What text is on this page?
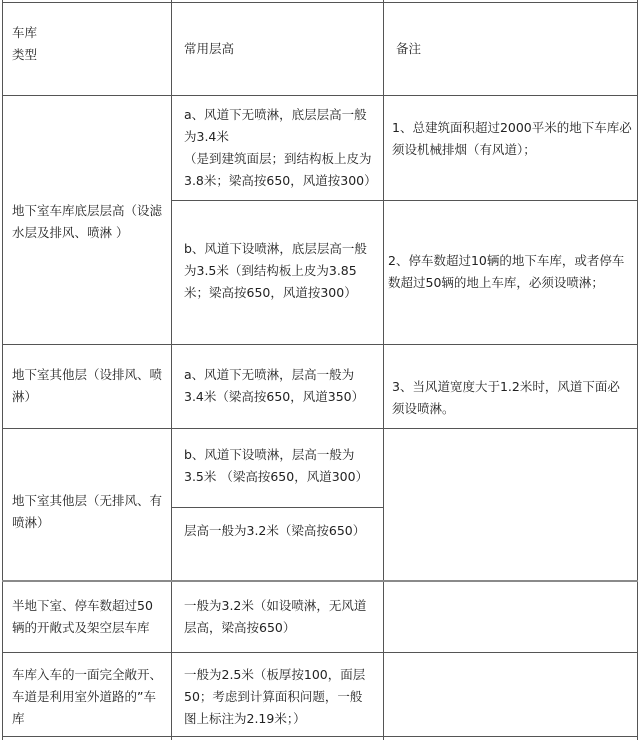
车库
类型	常用层高	备注
地下室车库底层层高（设滤水层及排风、喷淋 ）
a、风道下无喷淋，底层层高一般为3.4米
（是到建筑面层；到结构板上皮为3.8米；梁高按650，风道按300）
b、风道下设喷淋，底层层高一般为3.5米（到结构板上皮为3.85米；梁高按650，风道按300）
1、总建筑面积超过2000平米的地下车库必须设机械排烟（有风道）；
2、停车数超过10辆的地下车库，或者停车数超过50辆的地上车库，必须设喷淋；
地下室其他层（设排风、喷淋）
a、风道下无喷淋，层高一般为3.4米（梁高按650，风道350）
3、当风道宽度大于1.2米时，风道下面必须设喷淋。
地下室其他层（无排风、有喷淋）
b、风道下设喷淋，层高一般为3.5米 （梁高按650，风道300）
层高一般为3.2米（梁高按650）
半地下室、停车数超过50辆的开敞式及架空层车库
一般为3.2米（如设喷淋，无风道层高，梁高按650）
车库入车的一面完全敞开、车道是利用室外道路的”车库
一般为2.5米（板厚按100，面层50；考虑到计算面积问题，一般图上标注为2.19米；）
